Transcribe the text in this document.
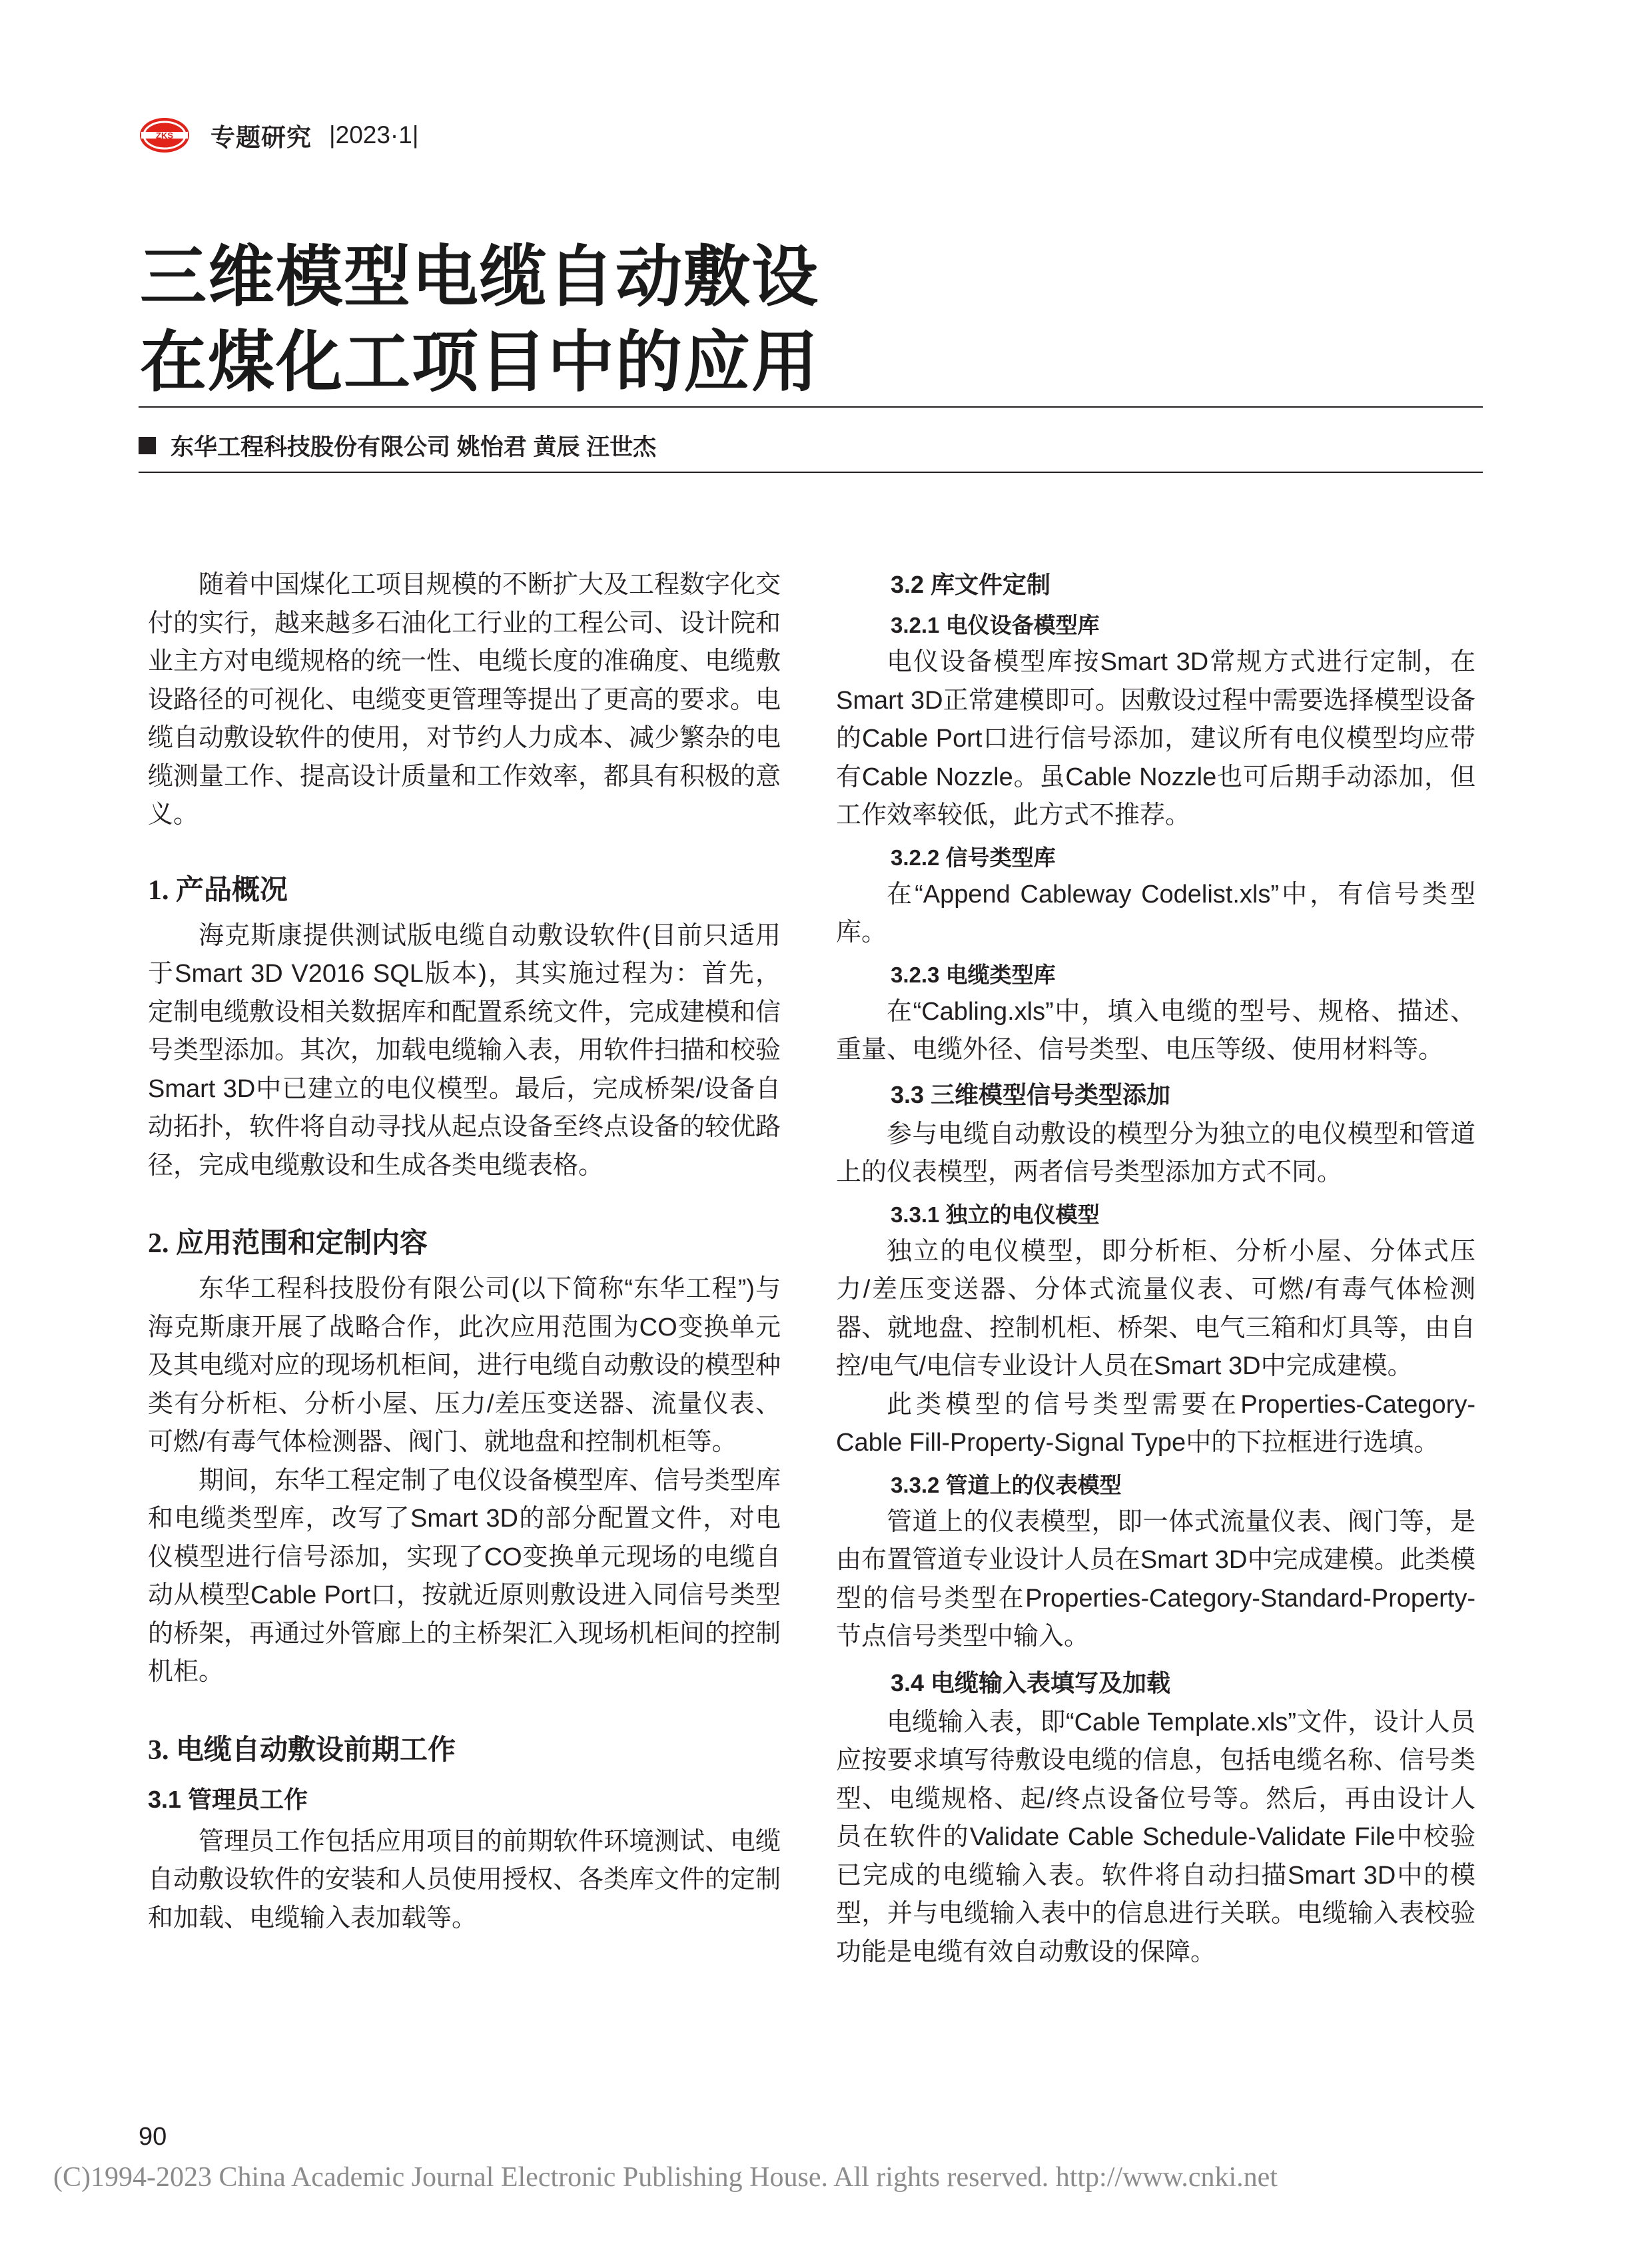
ZKS 专题研究 |2023·1|
三维模型电缆自动敷设
在煤化工项目中的应用
东华工程科技股份有限公司 姚怡君 黄辰 汪世杰

随着中国煤化工项目规模的不断扩大及工程数字化交付的实行，越来越多石油化工行业的工程公司、设计院和业主方对电缆规格的统一性、电缆长度的准确度、电缆敷设路径的可视化、电缆变更管理等提出了更高的要求。电缆自动敷设软件的使用，对节约人力成本、减少繁杂的电缆测量工作、提高设计质量和工作效率，都具有积极的意义。

1. 产品概况

海克斯康提供测试版电缆自动敷设软件(目前只适用于Smart 3D V2016 SQL版本)，其实施过程为：首先，定制电缆敷设相关数据库和配置系统文件，完成建模和信号类型添加。其次，加载电缆输入表，用软件扫描和校验Smart 3D中已建立的电仪模型。最后，完成桥架/设备自动拓扑，软件将自动寻找从起点设备至终点设备的较优路径，完成电缆敷设和生成各类电缆表格。

2. 应用范围和定制内容

东华工程科技股份有限公司(以下简称“东华工程”)与海克斯康开展了战略合作，此次应用范围为CO变换单元及其电缆对应的现场机柜间，进行电缆自动敷设的模型种类有分析柜、分析小屋、压力/差压变送器、流量仪表、可燃/有毒气体检测器、阀门、就地盘和控制机柜等。

期间，东华工程定制了电仪设备模型库、信号类型库和电缆类型库，改写了Smart 3D的部分配置文件，对电仪模型进行信号添加，实现了CO变换单元现场的电缆自动从模型Cable Port口，按就近原则敷设进入同信号类型的桥架，再通过外管廊上的主桥架汇入现场机柜间的控制机柜。

3. 电缆自动敷设前期工作
3.1 管理员工作

管理员工作包括应用项目的前期软件环境测试、电缆自动敷设软件的安装和人员使用授权、各类库文件的定制和加载、电缆输入表加载等。

3.2 库文件定制
3.2.1 电仪设备模型库

电仪设备模型库按Smart 3D常规方式进行定制，在Smart 3D正常建模即可。因敷设过程中需要选择模型设备的Cable Port口进行信号添加，建议所有电仪模型均应带有Cable Nozzle。虽Cable Nozzle也可后期手动添加，但工作效率较低，此方式不推荐。

3.2.2 信号类型库

在“Append Cableway Codelist.xls”中，有信号类型库。

3.2.3 电缆类型库

在“Cabling.xls”中，填入电缆的型号、规格、描述、重量、电缆外径、信号类型、电压等级、使用材料等。

3.3 三维模型信号类型添加

参与电缆自动敷设的模型分为独立的电仪模型和管道上的仪表模型，两者信号类型添加方式不同。

3.3.1 独立的电仪模型

独立的电仪模型，即分析柜、分析小屋、分体式压力/差压变送器、分体式流量仪表、可燃/有毒气体检测器、就地盘、控制机柜、桥架、电气三箱和灯具等，由自控/电气/电信专业设计人员在Smart 3D中完成建模。

此类模型的信号类型需要在Properties-Category-Cable Fill-Property-Signal Type中的下拉框进行选填。

3.3.2 管道上的仪表模型

管道上的仪表模型，即一体式流量仪表、阀门等，是由布置管道专业设计人员在Smart 3D中完成建模。此类模型的信号类型在Properties-Category-Standard-Property-节点信号类型中输入。

3.4 电缆输入表填写及加载

电缆输入表，即“Cable Template.xls”文件，设计人员应按要求填写待敷设电缆的信息，包括电缆名称、信号类型、电缆规格、起/终点设备位号等。然后，再由设计人员在软件的Validate Cable Schedule-Validate File中校验已完成的电缆输入表。软件将自动扫描Smart 3D中的模型，并与电缆输入表中的信息进行关联。电缆输入表校验功能是电缆有效自动敷设的保障。

90
(C)1994-2023 China Academic Journal Electronic Publishing House. All rights reserved. http://www.cnki.net
